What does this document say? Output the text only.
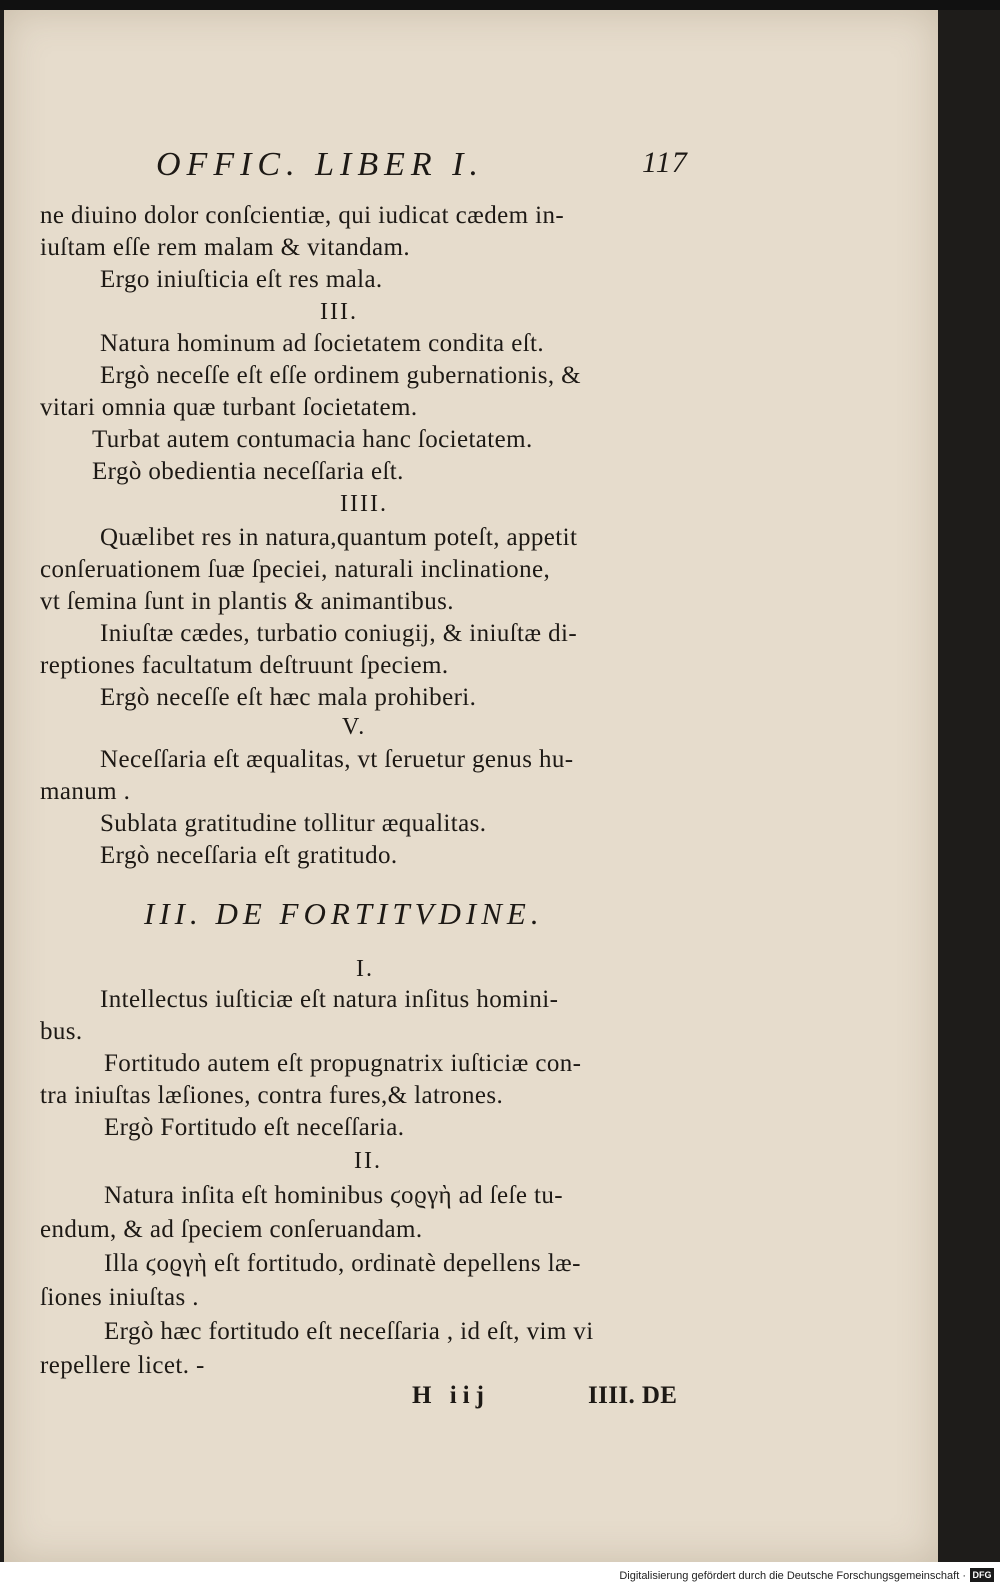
OFFIC. LIBER I.	117
ne diuino dolor conſcientiæ, qui iudicat cædem in-
iuſtam eſſe rem malam & vitandam.
Ergo iniuſticia eſt res mala.
III.
Natura hominum ad ſocietatem condita eſt.
Ergò neceſſe eſt eſſe ordinem gubernationis, &
vitari omnia quæ turbant ſocietatem.
Turbat autem contumacia hanc ſocietatem.
Ergò obedientia neceſſaria eſt.
IIII.
Quælibet res in natura,quantum poteſt, appetit
conſeruationem ſuæ ſpeciei, naturali inclinatione,
vt ſemina ſunt in plantis & animantibus.
Iniuſtæ cædes, turbatio coniugij, & iniuſtæ di-
reptiones facultatum deſtruunt ſpeciem.
Ergò neceſſe eſt hæc mala prohiberi.
V.
Neceſſaria eſt æqualitas, vt ſeruetur genus hu-
manum .
Sublata gratitudine tollitur æqualitas.
Ergò neceſſaria eſt gratitudo.
III. DE FORTITVDINE.
I.
Intellectus iuſticiæ eſt natura inſitus homini-
bus.
Fortitudo autem eſt propugnatrix iuſticiæ con-
tra iniuſtas læſiones, contra fures,& latrones.
Ergò Fortitudo eſt neceſſaria.
II.
Natura inſita eſt hominibus ϛοϱγὴ ad ſeſe tu-
endum, & ad ſpeciem conſeruandam.
Illa ϛοϱγὴ eſt fortitudo, ordinatè depellens læ-
ſiones iniuſtas .
Ergò hæc fortitudo eſt neceſſaria , id eſt, vim vi
repellere licet. -
H iij	IIII. DE
Digitalisierung gefördert durch die Deutsche Forschungsgemeinschaft · DFG
